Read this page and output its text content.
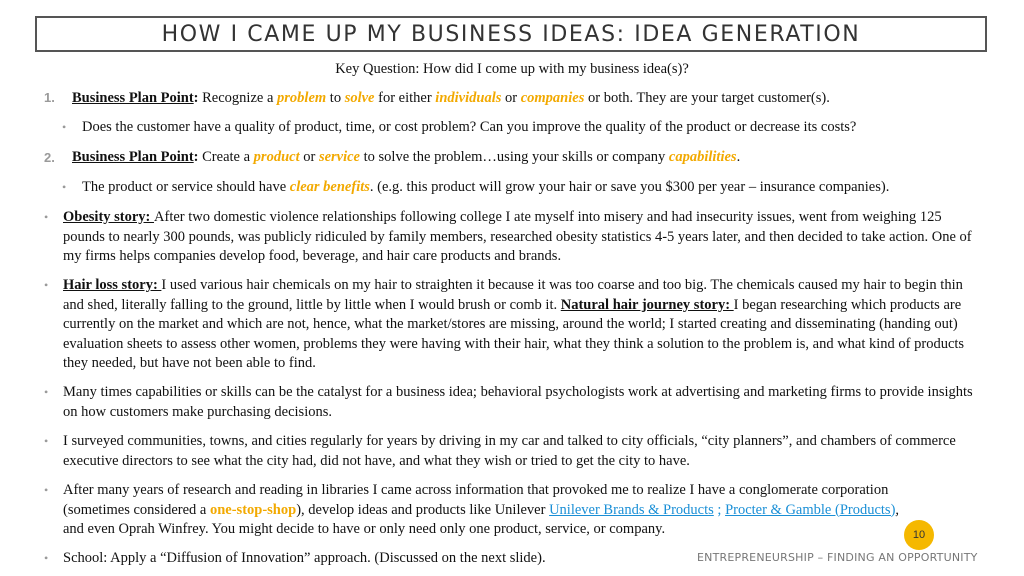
HOW I CAME UP MY BUSINESS IDEAS: IDEA GENERATION
Key Question: How did I come up with my business idea(s)?
1. Business Plan Point: Recognize a problem to solve for either individuals or companies or both. They are your target customer(s).
• Does the customer have a quality of product, time, or cost problem? Can you improve the quality of the product or decrease its costs?
2. Business Plan Point: Create a product or service to solve the problem…using your skills or company capabilities.
• The product or service should have clear benefits. (e.g. this product will grow your hair or save you $300 per year – insurance companies).
• Obesity story: After two domestic violence relationships following college I ate myself into misery and had insecurity issues, went from weighing 125 pounds to nearly 300 pounds, was publicly ridiculed by family members, researched obesity statistics 4-5 years later, and then decided to take action. One of my firms helps companies develop food, beverage, and hair care products and brands.
• Hair loss story: I used various hair chemicals on my hair to straighten it because it was too coarse and too big. The chemicals caused my hair to begin thin and shed, literally falling to the ground, little by little when I would brush or comb it. Natural hair journey story: I began researching which products are currently on the market and which are not, hence, what the market/stores are missing, around the world; I started creating and disseminating (handing out) evaluation sheets to assess other women, problems they were having with their hair, what they think a solution to the problem is, and what kind of products they needed, but have not been able to find.
• Many times capabilities or skills can be the catalyst for a business idea; behavioral psychologists work at advertising and marketing firms to provide insights on how customers make purchasing decisions.
• I surveyed communities, towns, and cities regularly for years by driving in my car and talked to city officials, “city planners”, and chambers of commerce executive directors to see what the city had, did not have, and what they wish or tried to get the city to have.
• After many years of research and reading in libraries I came across information that provoked me to realize I have a conglomerate corporation (sometimes considered a one-stop-shop), develop ideas and products like Unilever Unilever Brands & Products ; Procter & Gamble (Products), and even Oprah Winfrey. You might decide to have or only need only one product, service, or company.
• School: Apply a “Diffusion of Innovation” approach. (Discussed on the next slide).
10
ENTREPRENEURSHIP – FINDING AN OPPORTUNITY
